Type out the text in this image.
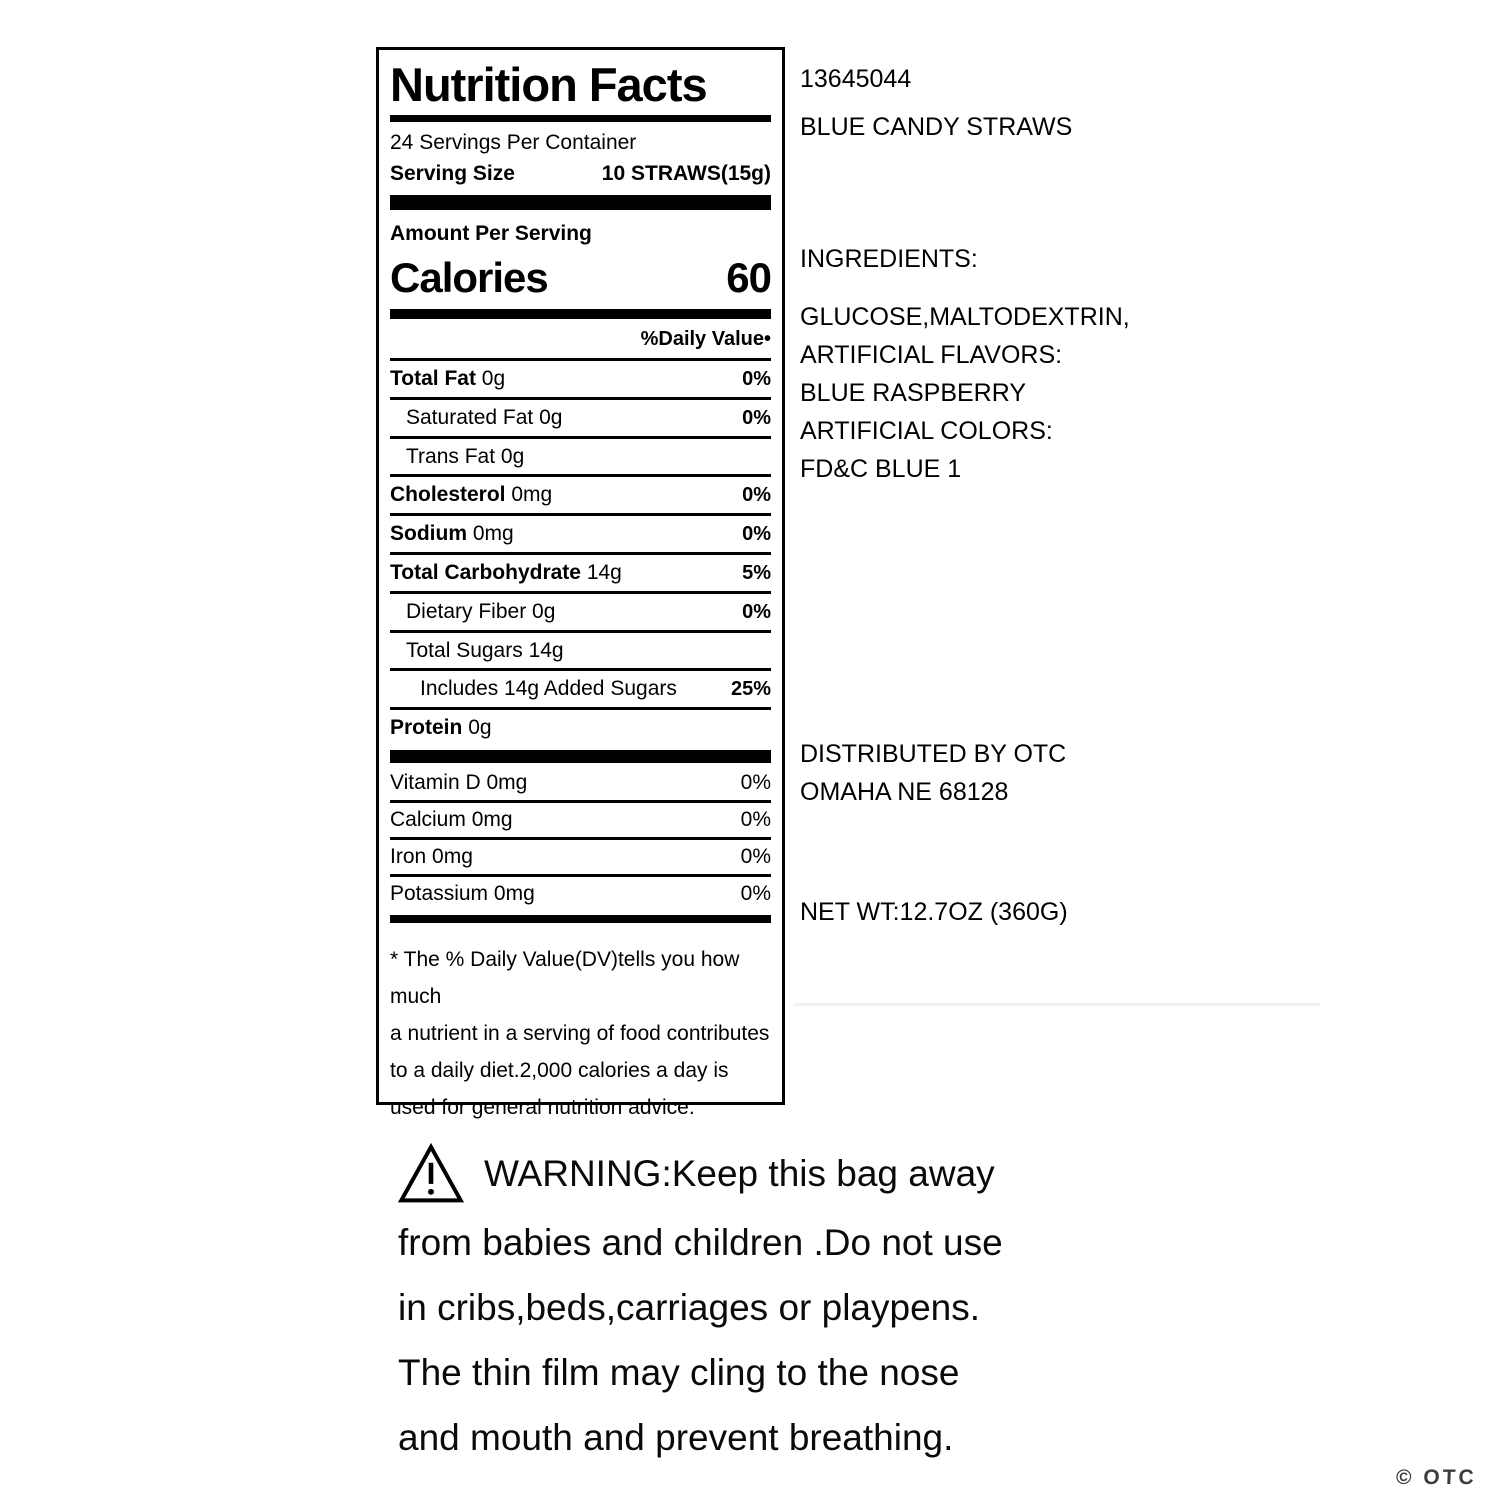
Nutrition Facts
24 Servings Per Container
Serving Size	10 STRAWS(15g)
Amount Per Serving
Calories	60
%Daily Value•
Total Fat 0g	0%
Saturated Fat 0g	0%
Trans Fat 0g
Cholesterol 0mg	0%
Sodium 0mg	0%
Total Carbohydrate 14g	5%
Dietary Fiber 0g	0%
Total Sugars 14g
Includes 14g Added Sugars	25%
Protein 0g
Vitamin D 0mg	0%
Calcium 0mg	0%
Iron 0mg	0%
Potassium 0mg	0%
* The % Daily Value(DV)tells you how much
a nutrient in a serving of food contributes
to a daily diet.2,000 calories a day is
used for general nutrition advice.
13645044
BLUE CANDY STRAWS
INGREDIENTS:
GLUCOSE,MALTODEXTRIN,
ARTIFICIAL FLAVORS:
BLUE RASPBERRY
ARTIFICIAL COLORS:
FD&C BLUE 1
DISTRIBUTED BY OTC
OMAHA NE 68128
NET WT:12.7OZ (360G)
WARNING:Keep this bag away
from babies and children .Do not use
in cribs,beds,carriages or playpens.
The thin film may cling to the nose
and mouth and prevent breathing.
© OTC
